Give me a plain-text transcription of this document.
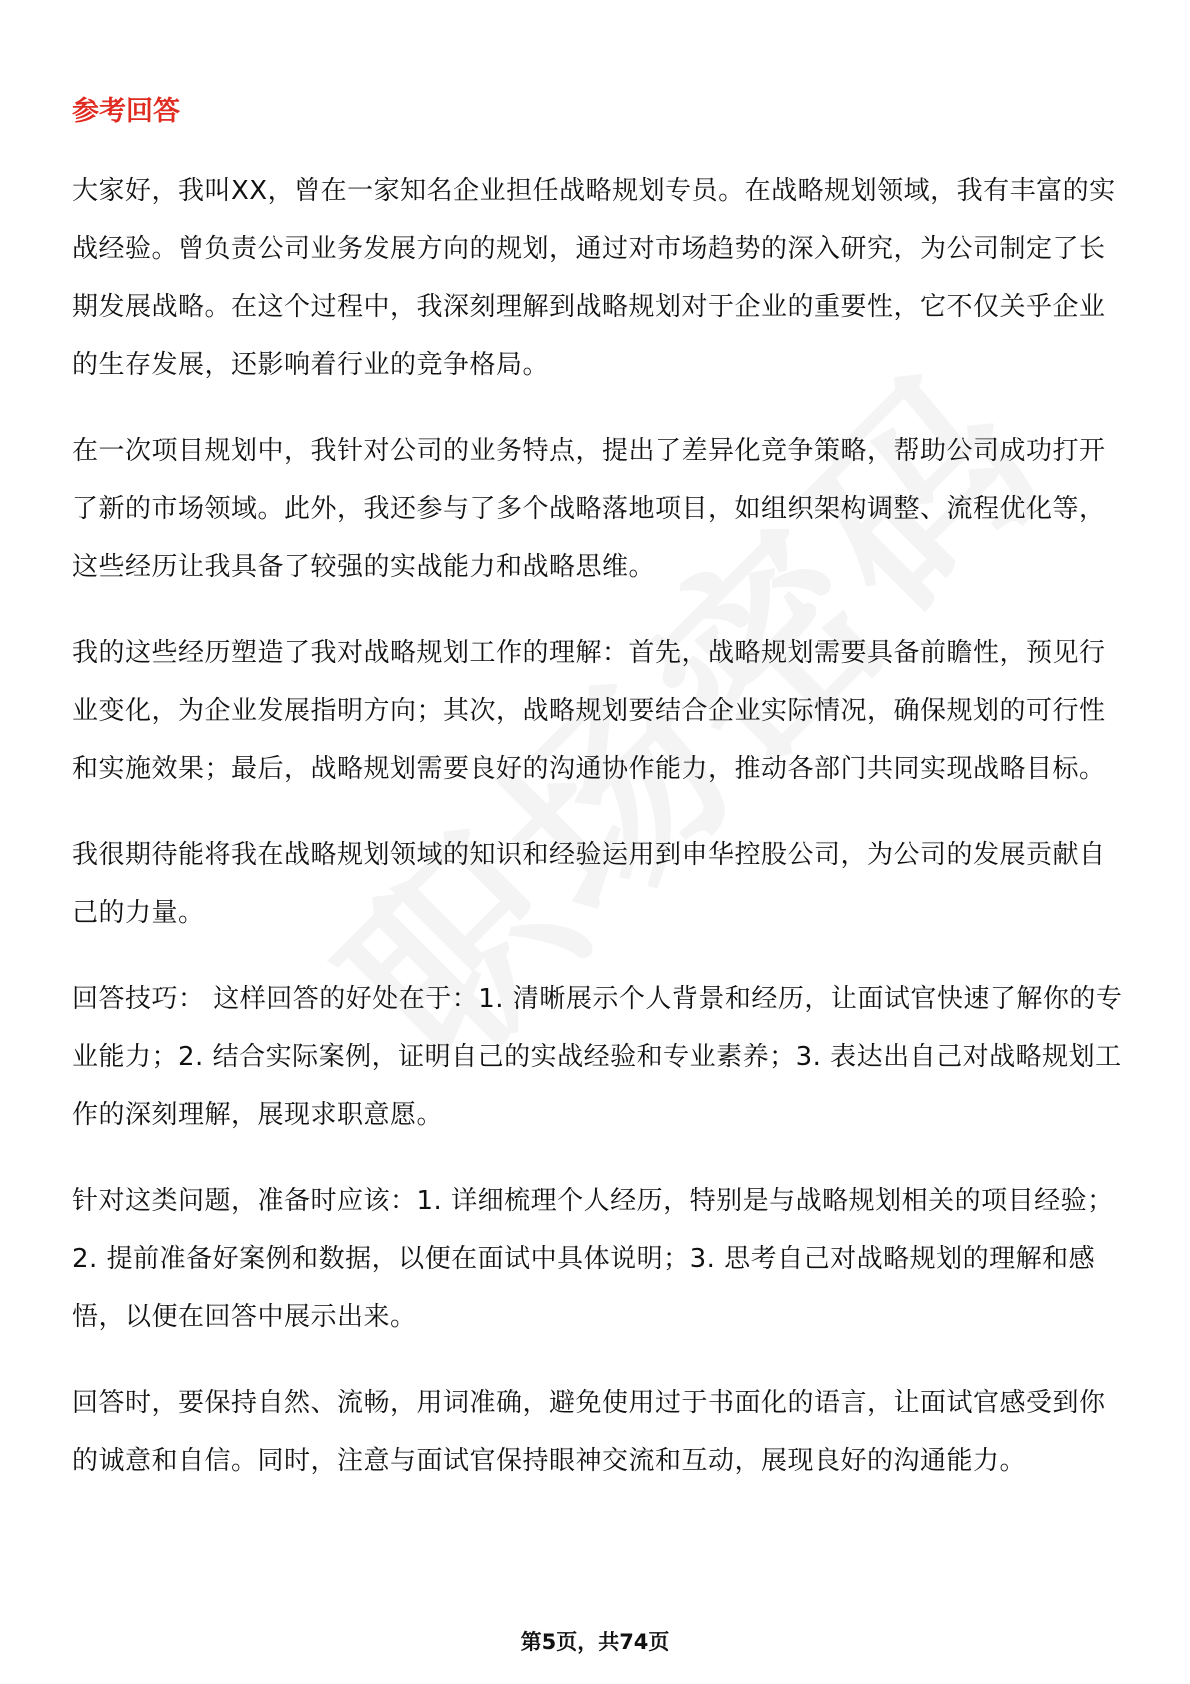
参考回答

大家好，我叫XX，曾在一家知名企业担任战略规划专员。在战略规划领域，我有丰富的实战经验。曾负责公司业务发展方向的规划，通过对市场趋势的深入研究，为公司制定了长期发展战略。在这个过程中，我深刻理解到战略规划对于企业的重要性，它不仅关乎企业的生存发展，还影响着行业的竞争格局。

在一次项目规划中，我针对公司的业务特点，提出了差异化竞争策略，帮助公司成功打开了新的市场领域。此外，我还参与了多个战略落地项目，如组织架构调整、流程优化等，这些经历让我具备了较强的实战能力和战略思维。

我的这些经历塑造了我对战略规划工作的理解：首先，战略规划需要具备前瞻性，预见行业变化，为企业发展指明方向；其次，战略规划要结合企业实际情况，确保规划的可行性和实施效果；最后，战略规划需要良好的沟通协作能力，推动各部门共同实现战略目标。

我很期待能将我在战略规划领域的知识和经验运用到申华控股公司，为公司的发展贡献自己的力量。

回答技巧： 这样回答的好处在于：1. 清晰展示个人背景和经历，让面试官快速了解你的专业能力；2. 结合实际案例，证明自己的实战经验和专业素养；3. 表达出自己对战略规划工作的深刻理解，展现求职意愿。

针对这类问题，准备时应该：1. 详细梳理个人经历，特别是与战略规划相关的项目经验；2. 提前准备好案例和数据，以便在面试中具体说明；3. 思考自己对战略规划的理解和感悟，以便在回答中展示出来。

回答时，要保持自然、流畅，用词准确，避免使用过于书面化的语言，让面试官感受到你的诚意和自信。同时，注意与面试官保持眼神交流和互动，展现良好的沟通能力。

第5页，共74页
